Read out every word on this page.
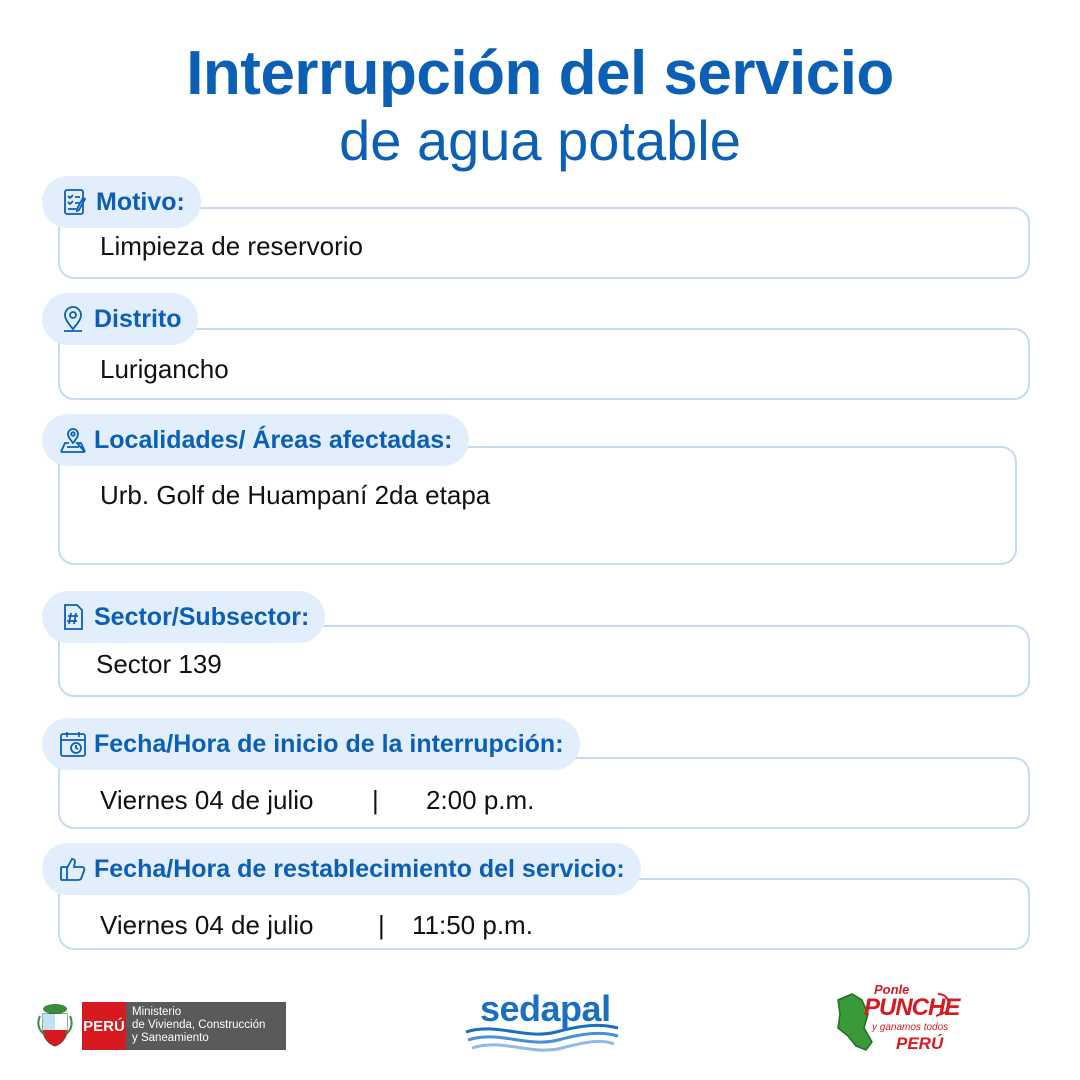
Interrupción del servicio
de agua potable
Limpieza de reservorio
Motivo:
Lurigancho
Distrito
Urb. Golf de Huampaní 2da etapa
Localidades/ Áreas afectadas:
Sector 139
Sector/Subsector:
Viernes 04 de julio | 2:00 p.m.
Fecha/Hora de inicio de la interrupción:
Viernes 04 de julio | 11:50 p.m.
Fecha/Hora de restablecimiento del servicio:
PERÚ
Ministerio
de Vivienda, Construcción
y Saneamiento
sedapal	Ponle
PUNCHE
y ganamos todos
PERÚ
